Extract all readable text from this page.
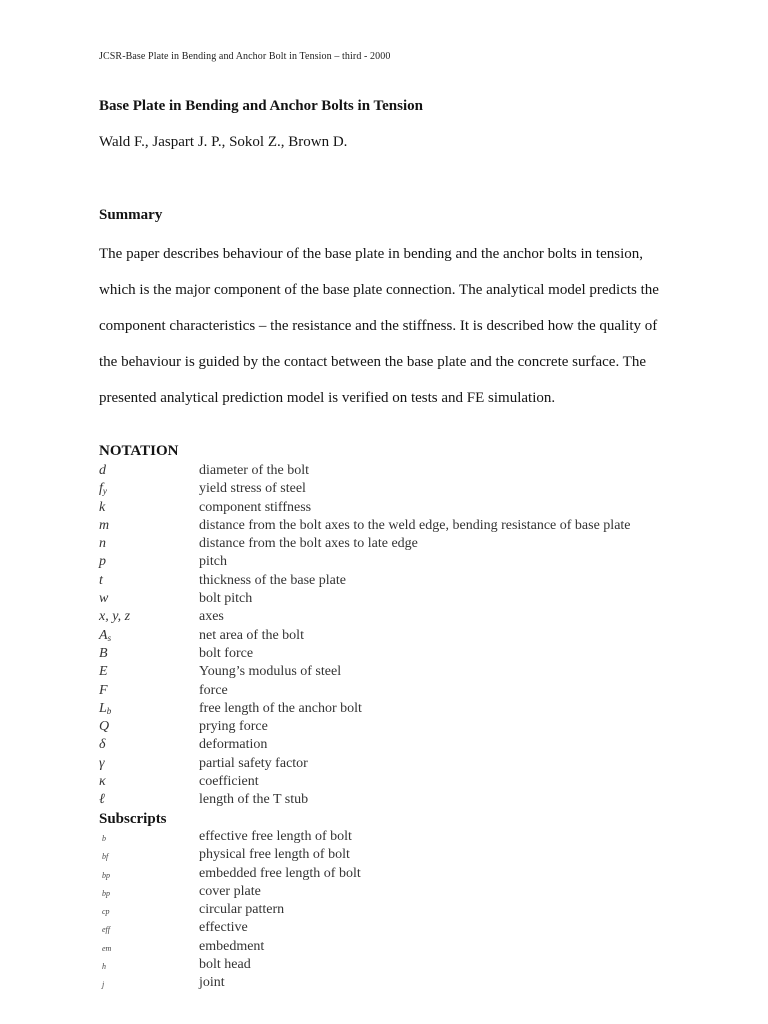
JCSR-Base Plate in Bending and Anchor Bolt in Tension – third - 2000
Base Plate in Bending and Anchor Bolts in Tension
Wald F., Jaspart J. P., Sokol Z., Brown D.
Summary
The paper describes behaviour of the base plate in bending and the anchor bolts in tension,
which is the major component of the base plate connection. The analytical model predicts the
component characteristics – the resistance and the stiffness. It is described how the quality of
the behaviour is guided by the contact between the base plate and the concrete surface. The
presented analytical prediction model is verified on tests and FE simulation.
NOTATION
d	diameter of the bolt
$f_y$	yield stress of steel
k	component stiffness
m	distance from the bolt axes to the weld edge, bending resistance of base plate
n	distance from the bolt axes to late edge
p	pitch
t	thickness of the base plate
w	bolt pitch
x, y, z	axes
$A_s$	net area of the bolt
B	bolt force
E	Young’s modulus of steel
F	force
$L_b$	free length of the anchor bolt
Q	prying force
δ	deformation
γ	partial safety factor
κ	coefficient
ℓ	length of the T stub
Subscripts
b	effective free length of bolt
bf	physical free length of bolt
bp	embedded free length of bolt
bp	cover plate
cp	circular pattern
eff	effective
em	embedment
h	bolt head
j	joint
